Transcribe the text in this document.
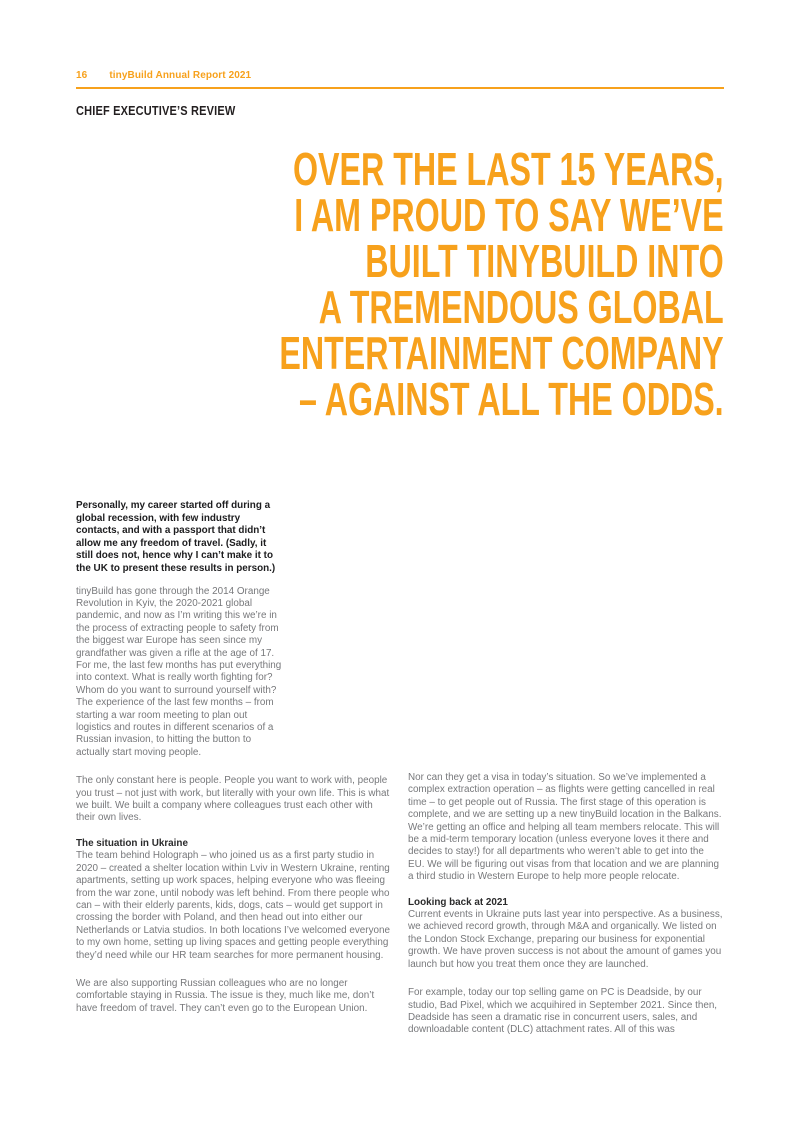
16 tinyBuild Annual Report 2021
CHIEF EXECUTIVE’S REVIEW
OVER THE LAST 15 YEARS,
I AM PROUD TO SAY WE’VE
BUILT TINYBUILD INTO
A TREMENDOUS GLOBAL
ENTERTAINMENT COMPANY
– AGAINST ALL THE ODDS.

Personally, my career started off during a global recession, with few industry contacts, and with a passport that didn’t allow me any freedom of travel. (Sadly, it still does not, hence why I can’t make it to the UK to present these results in person.)

tinyBuild has gone through the 2014 Orange Revolution in Kyiv, the 2020-2021 global pandemic, and now as I’m writing this we’re in the process of extracting people to safety from the biggest war Europe has seen since my grandfather was given a rifle at the age of 17. For me, the last few months has put everything into context. What is really worth fighting for? Whom do you want to surround yourself with? The experience of the last few months – from starting a war room meeting to plan out logistics and routes in different scenarios of a Russian invasion, to hitting the button to actually start moving people.

The only constant here is people. People you want to work with, people you trust – not just with work, but literally with your own life. This is what we built. We built a company where colleagues trust each other with their own lives.

The situation in Ukraine

The team behind Holograph – who joined us as a first party studio in 2020 – created a shelter location within Lviv in Western Ukraine, renting apartments, setting up work spaces, helping everyone who was fleeing from the war zone, until nobody was left behind. From there people who can – with their elderly parents, kids, dogs, cats – would get support in crossing the border with Poland, and then head out into either our Netherlands or Latvia studios. In both locations I’ve welcomed everyone to my own home, setting up living spaces and getting people everything they’d need while our HR team searches for more permanent housing.

We are also supporting Russian colleagues who are no longer comfortable staying in Russia. The issue is they, much like me, don’t have freedom of travel. They can’t even go to the European Union.

Nor can they get a visa in today’s situation. So we’ve implemented a complex extraction operation – as flights were getting cancelled in real time – to get people out of Russia. The first stage of this operation is complete, and we are setting up a new tinyBuild location in the Balkans. We’re getting an office and helping all team members relocate. This will be a mid-term temporary location (unless everyone loves it there and decides to stay!) for all departments who weren’t able to get into the EU. We will be figuring out visas from that location and we are planning a third studio in Western Europe to help more people relocate.

Looking back at 2021

Current events in Ukraine puts last year into perspective. As a business, we achieved record growth, through M&A and organically. We listed on the London Stock Exchange, preparing our business for exponential growth. We have proven success is not about the amount of games you launch but how you treat them once they are launched.

For example, today our top selling game on PC is Deadside, by our studio, Bad Pixel, which we acquihired in September 2021. Since then, Deadside has seen a dramatic rise in concurrent users, sales, and downloadable content (DLC) attachment rates. All of this was
